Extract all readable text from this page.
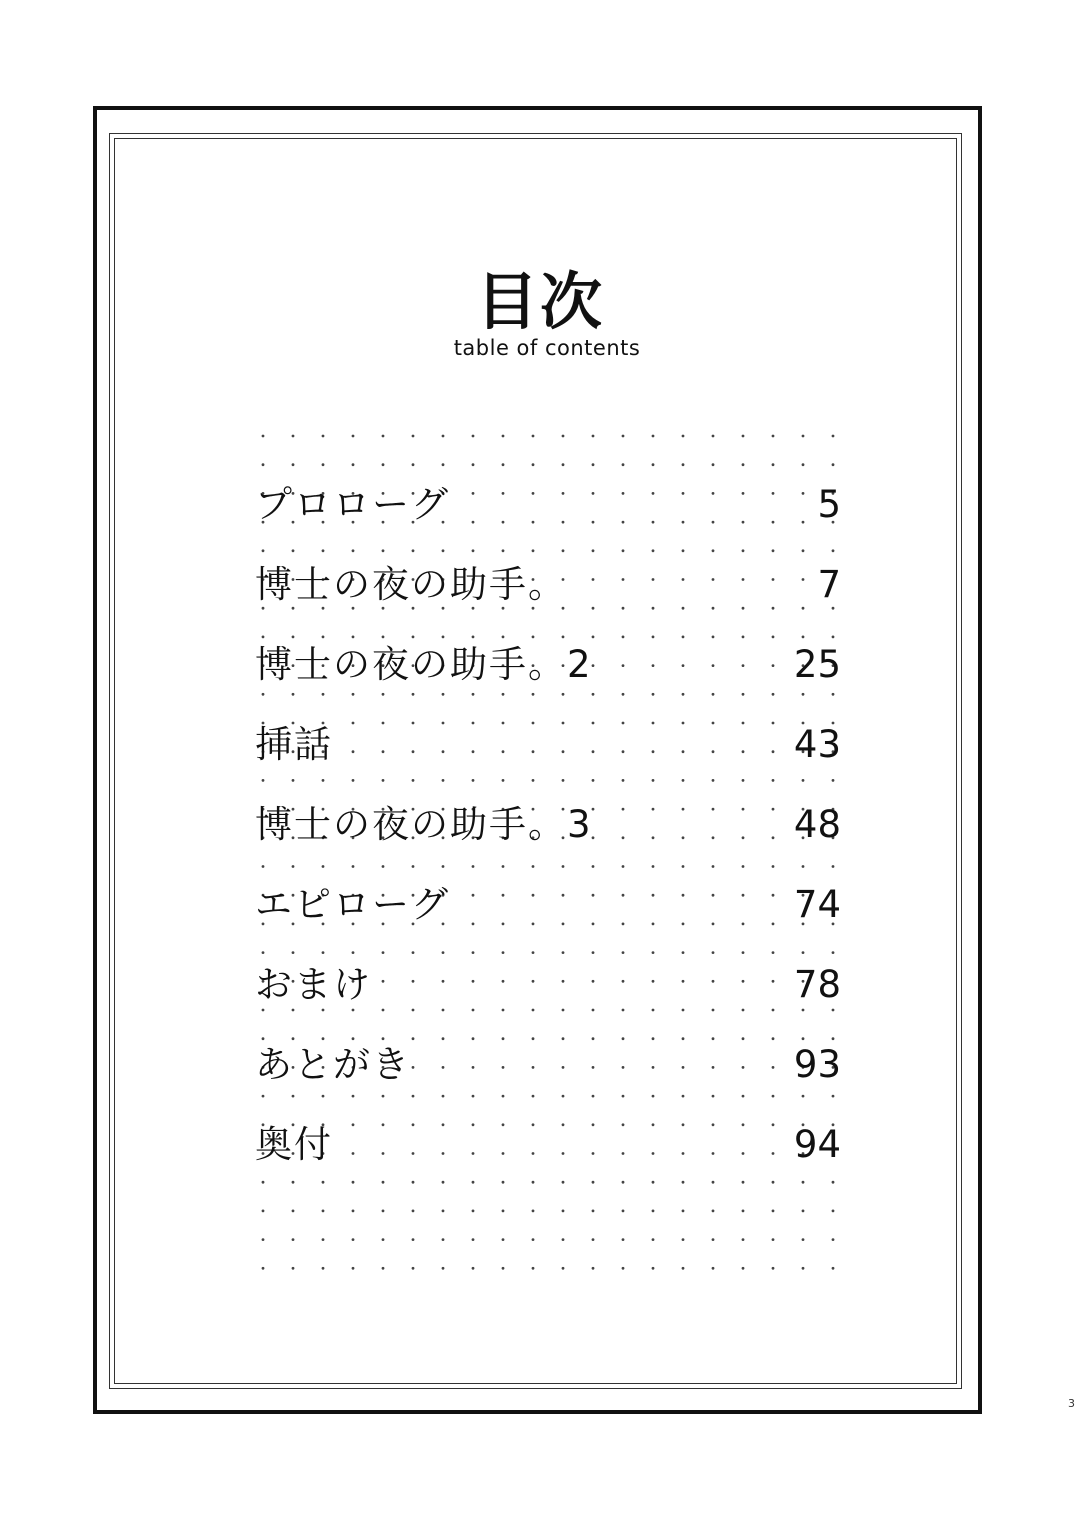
目次
table of contents
プロローグ	5
博士の夜の助手。	7
博士の夜の助手。2	25
挿話	43
博士の夜の助手。3	48
エピローグ	74
おまけ	78
あとがき	93
奥付	94
3
